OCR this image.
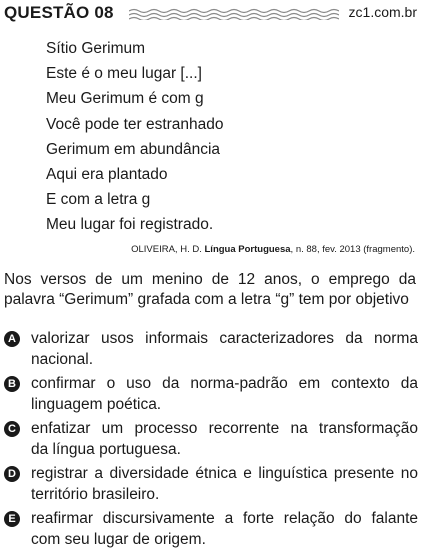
QUESTÃO 08	zc1.com.br
Sítio Gerimum
Este é o meu lugar [...]
Meu Gerimum é com g
Você pode ter estranhado
Gerimum em abundância
Aqui era plantado
E com a letra g
Meu lugar foi registrado.
OLIVEIRA, H. D. Língua Portuguesa, n. 88, fev. 2013 (fragmento).
Nos versos de um menino de 12 anos, o emprego da
palavra “Gerimum” grafada com a letra “g” tem por objetivo
A valorizar usos informais caracterizadores da norma
nacional.
B confirmar o uso da norma-padrão em contexto da
linguagem poética.
C enfatizar um processo recorrente na transformação
da língua portuguesa.
D registrar a diversidade étnica e linguística presente no
território brasileiro.
E reafirmar discursivamente a forte relação do falante
com seu lugar de origem.
